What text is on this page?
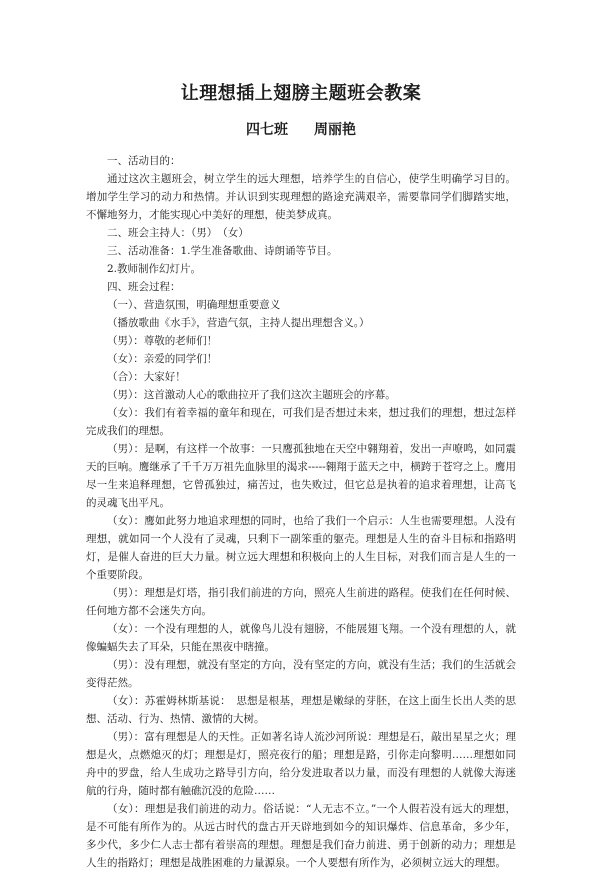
让理想插上翅膀主题班会教案
四七班 周丽艳

一、活动目的：

通过这次主题班会，树立学生的远大理想，培养学生的自信心，使学生明确学习目的。增加学生学习的动力和热情。并认识到实现理想的路途充满艰辛，需要靠同学们脚踏实地，不懈地努力，才能实现心中美好的理想，使美梦成真。

二、班会主持人：（男）　（女）

三、活动准备：1.学生准备歌曲、诗朗诵等节目。

2.教师制作幻灯片。

四、班会过程：

（一）、营造氛围，明确理想重要意义

（播放歌曲《水手》，营造气氛，主持人提出理想含义。）

（男）：尊敬的老师们！

（女）：亲爱的同学们！

（合）：大家好！

（男）：这首激动人心的歌曲拉开了我们这次主题班会的序幕。

（女）：我们有着幸福的童年和现在，可我们是否想过未来，想过我们的理想，想过怎样完成我们的理想。

（男）：是啊，有这样一个故事：一只鹰孤独地在天空中翱翔着，发出一声嘹鸣，如同震天的巨响。鹰继承了千千万万祖先血脉里的渴求-----翱翔于蓝天之中，横跨于苍穹之上。鹰用尽一生来追释理想，它曾孤独过，痛苦过，也失败过，但它总是执着的追求着理想，让高飞的灵魂飞出平凡。

（女）：鹰如此努力地追求理想的同时，也给了我们一个启示：人生也需要理想。人没有理想，就如同一个人没有了灵魂，只剩下一副笨重的躯壳。理想是人生的奋斗目标和指路明灯，是催人奋进的巨大力量。树立远大理想和积极向上的人生目标，对我们而言是人生的一个重要阶段。

（男）：理想是灯塔，指引我们前进的方向，照亮人生前进的路程。使我们在任何时候、任何地方都不会迷失方向。

（女）：一个没有理想的人，就像鸟儿没有翅膀，不能展翅飞翔。一个没有理想的人，就像蝙蝠失去了耳朵，只能在黑夜中瞎撞。

（男）：没有理想，就没有坚定的方向，没有坚定的方向，就没有生活；我们的生活就会变得茫然。

（女）：苏霍姆林斯基说：　思想是根基，理想是嫩绿的芽胚，在这上面生长出人类的思想、活动、行为、热情、激情的大树。

（男）：富有理想是人的天性。正如著名诗人流沙河所说：理想是石，敲出星星之火；理想是火，点燃熄灭的灯；理想是灯，照亮夜行的船；理想是路，引你走向黎明……理想如同舟中的罗盘，给人生成功之路导引方向，给分发进取者以力量，而没有理想的人就像大海迷航的行舟，随时都有触礁沉没的危险……

（女）：理想是我们前进的动力。俗话说：“人无志不立。”一个人假若没有远大的理想，是不可能有所作为的。从远古时代的盘古开天辟地到如今的知识爆炸、信息革命，多少年，多少代，多少仁人志士都有着崇高的理想。理想是我们奋力前进、勇于创新的动力；理想是人生的指路灯；理想是战胜困难的力量源泉。一个人要想有所作为，必须树立远大的理想。
